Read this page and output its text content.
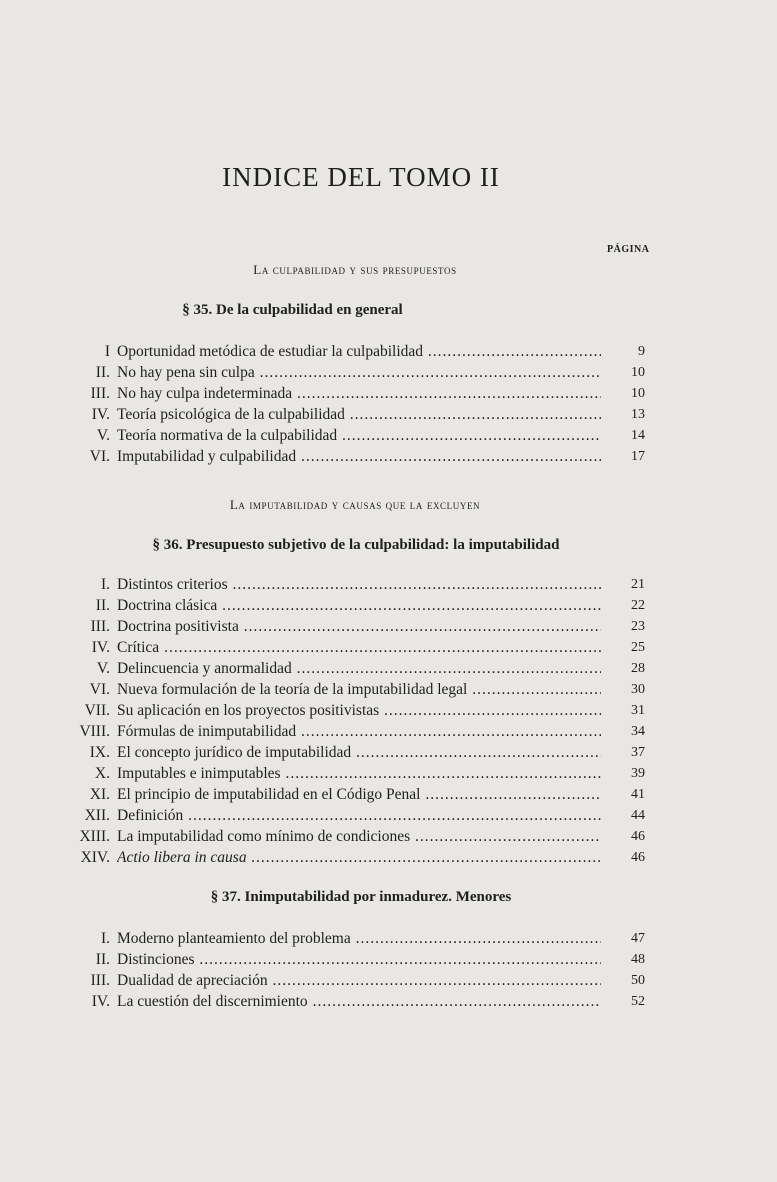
INDICE DEL TOMO II
PÁGINA
La culpabilidad y sus presupuestos
§ 35. De la culpabilidad en general
I Oportunidad metódica de estudiar la culpabilidad .....	9
II. No hay pena sin culpa .....	10
III. No hay culpa indeterminada .....	10
IV. Teoría psicológica de la culpabilidad .....	13
V. Teoría normativa de la culpabilidad .....	14
VI. Imputabilidad y culpabilidad .....	17
La imputabilidad y causas que la excluyen
§ 36. Presupuesto subjetivo de la culpabilidad: la imputabilidad
I. Distintos criterios .....	21
II. Doctrina clásica .....	22
III. Doctrina positivista .....	23
IV. Crítica .....	25
V. Delincuencia y anormalidad .....	28
VI. Nueva formulación de la teoría de la imputabilidad legal .....	30
VII. Su aplicación en los proyectos positivistas .....	31
VIII. Fórmulas de inimputabilidad .....	34
IX. El concepto jurídico de imputabilidad .....	37
X. Imputables e inimputables .....	39
XI. El principio de imputabilidad en el Código Penal .....	41
XII. Definición .....	44
XIII. La imputabilidad como mínimo de condiciones .....	46
XIV. Actio libera in causa .....	46
§ 37. Inimputabilidad por inmadurez. Menores
I. Moderno planteamiento del problema .....	47
II. Distinciones .....	48
III. Dualidad de apreciación .....	50
IV. La cuestión del discernimiento .....	52
